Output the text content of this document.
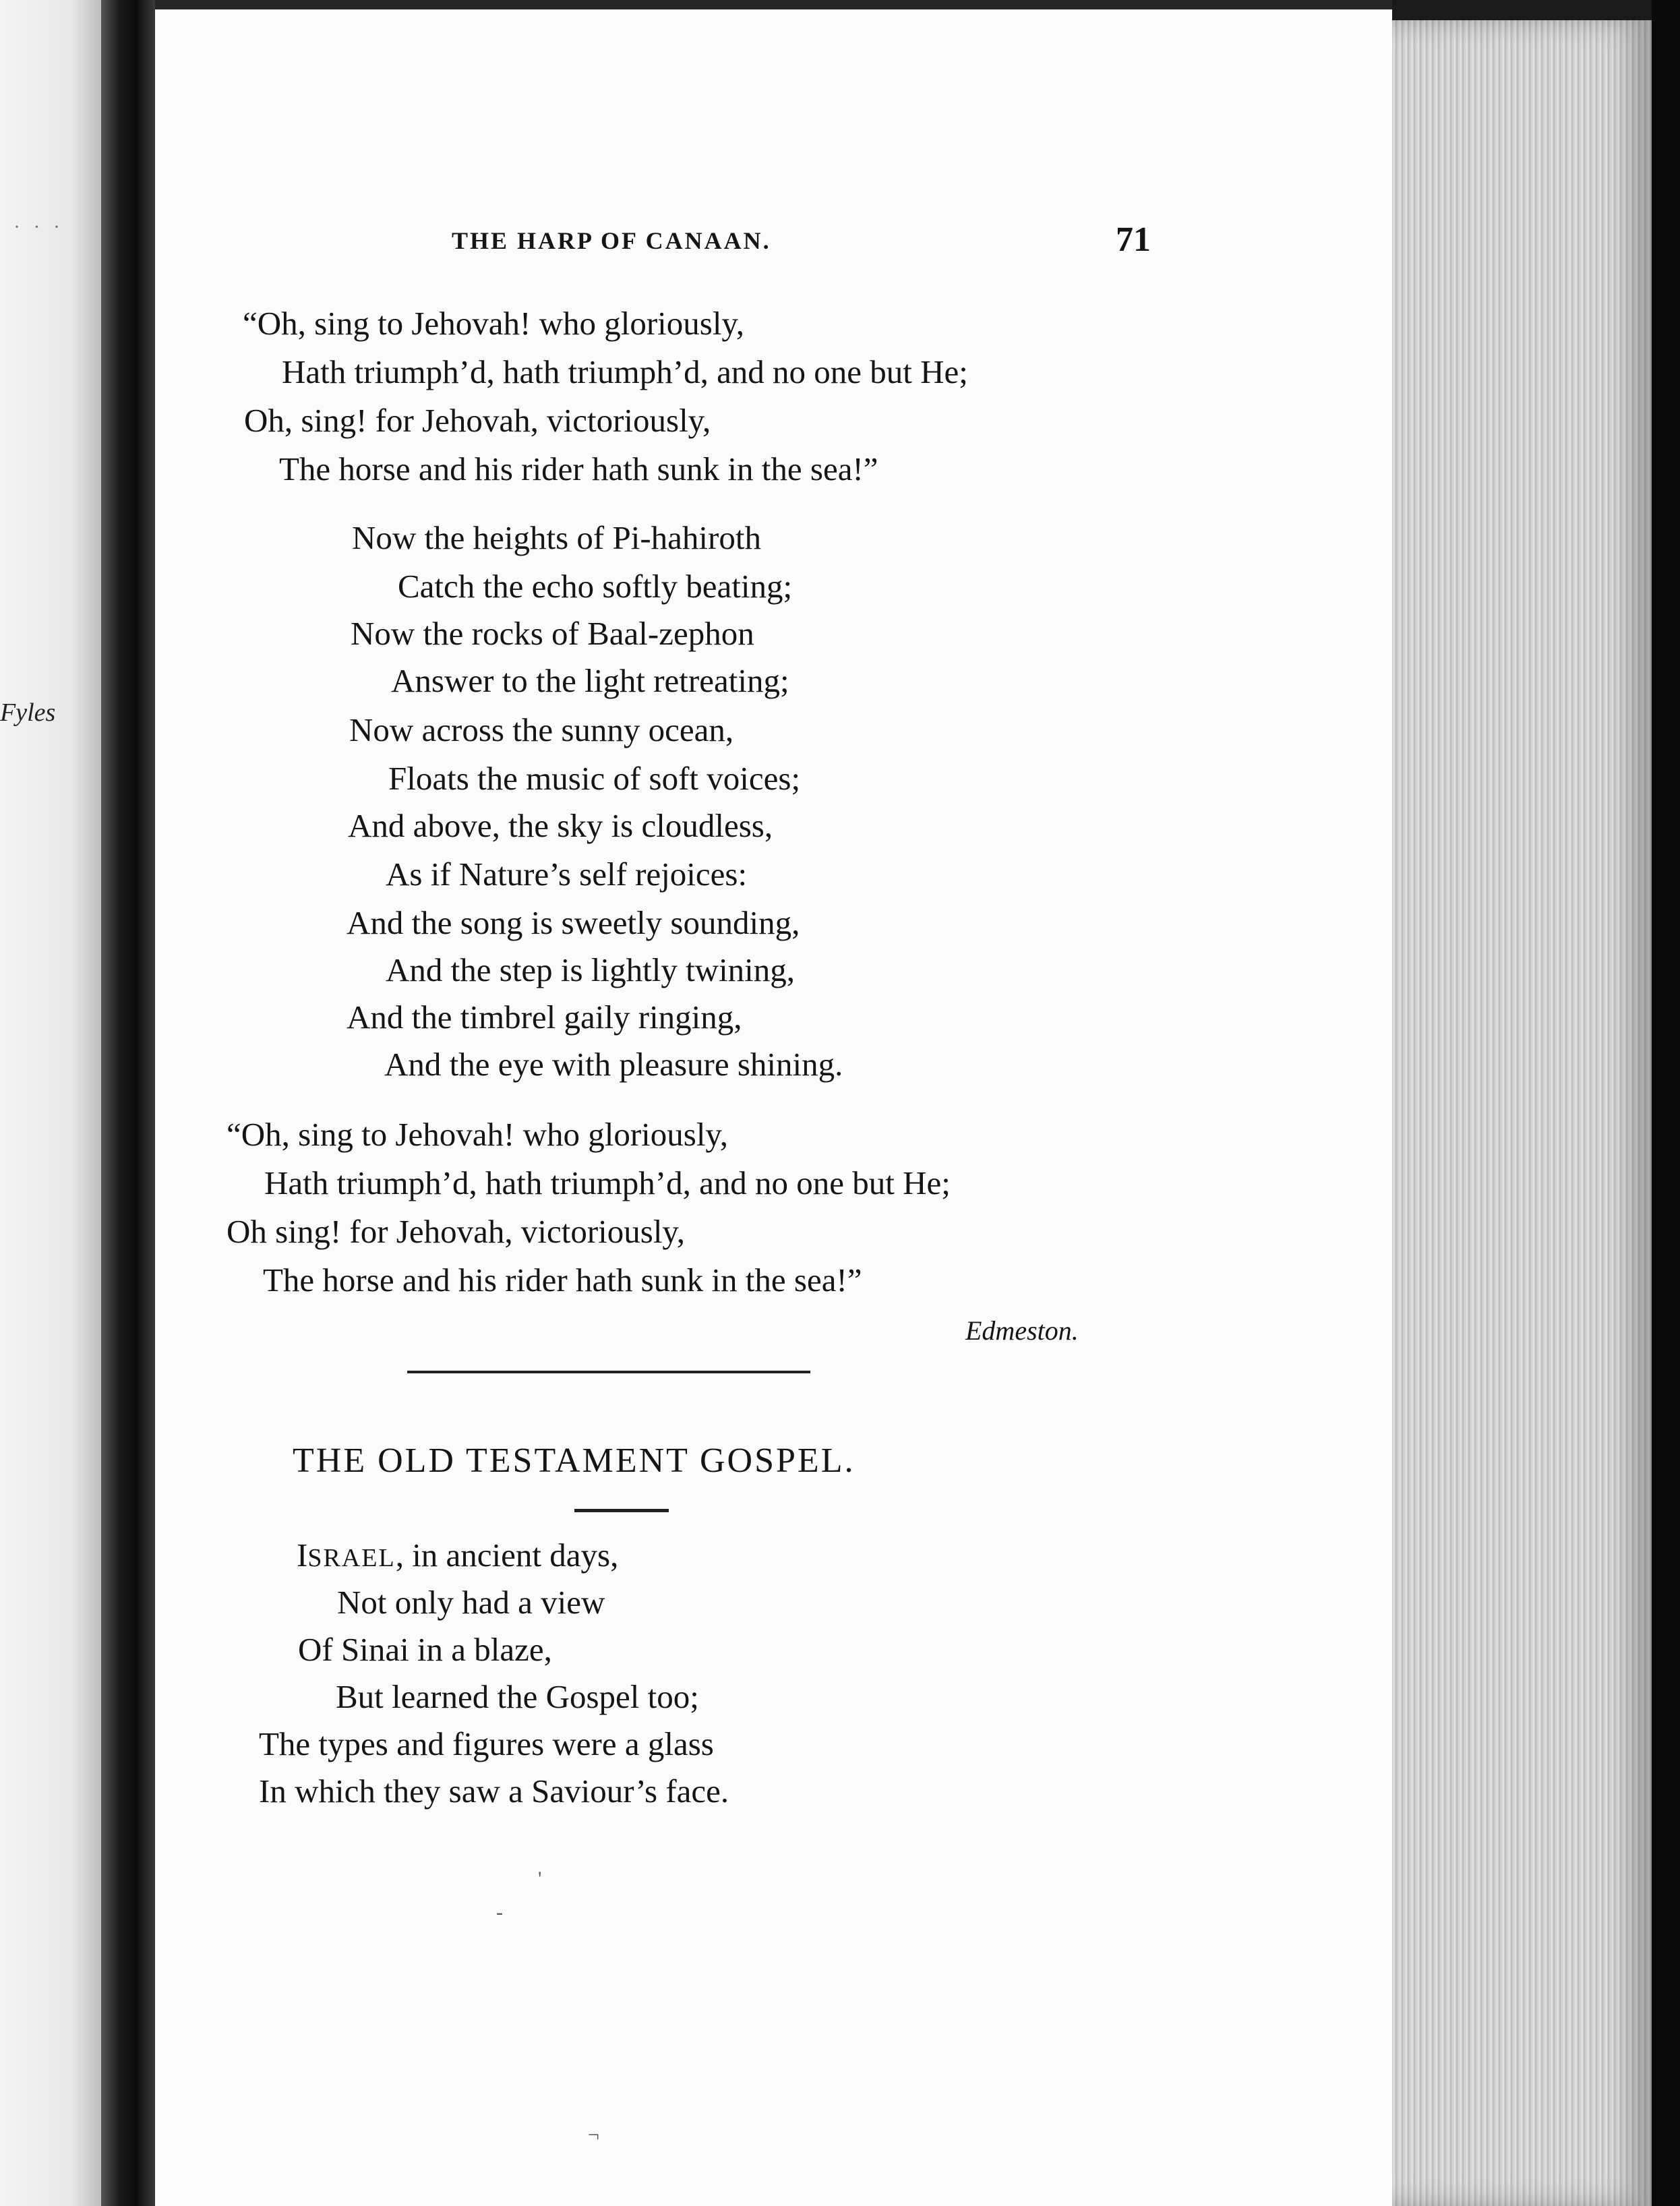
· · ·
Fyles
THE HARP OF CANAAN.	71
“Oh, sing to Jehovah! who gloriously,
Hath triumph’d, hath triumph’d, and no one but He;
Oh, sing! for Jehovah, victoriously,
The horse and his rider hath sunk in the sea!”
Now the heights of Pi-hahiroth
Catch the echo softly beating;
Now the rocks of Baal-zephon
Answer to the light retreating;
Now across the sunny ocean,
Floats the music of soft voices;
And above, the sky is cloudless,
As if Nature’s self rejoices:
And the song is sweetly sounding,
And the step is lightly twining,
And the timbrel gaily ringing,
And the eye with pleasure shining.
“Oh, sing to Jehovah! who gloriously,
Hath triumph’d, hath triumph’d, and no one but He;
Oh sing! for Jehovah, victoriously,
The horse and his rider hath sunk in the sea!”
Edmeston.
THE OLD TESTAMENT GOSPEL.
ISRAEL, in ancient days,
Not only had a view
Of Sinai in a blaze,
But learned the Gospel too;
The types and figures were a glass
In which they saw a Saviour’s face.
'
-
¬
